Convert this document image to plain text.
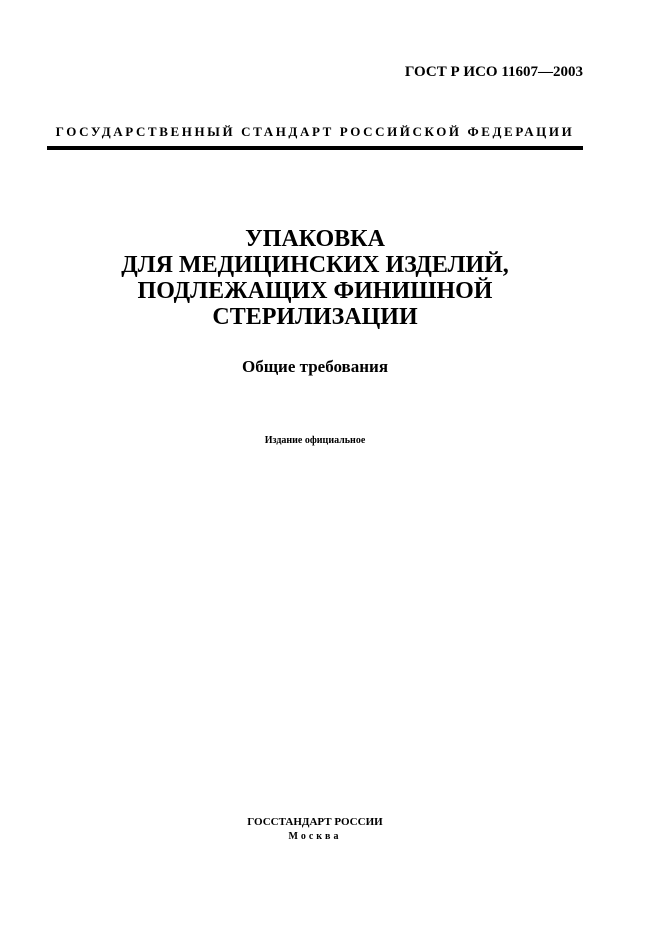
ГОСТ Р ИСО 11607—2003
ГОСУДАРСТВЕННЫЙ СТАНДАРТ РОССИЙСКОЙ ФЕДЕРАЦИИ
УПАКОВКА
ДЛЯ МЕДИЦИНСКИХ ИЗДЕЛИЙ,
ПОДЛЕЖАЩИХ ФИНИШНОЙ
СТЕРИЛИЗАЦИИ
Общие требования
Издание официальное
ГОССТАНДАРТ РОССИИ
Москва
